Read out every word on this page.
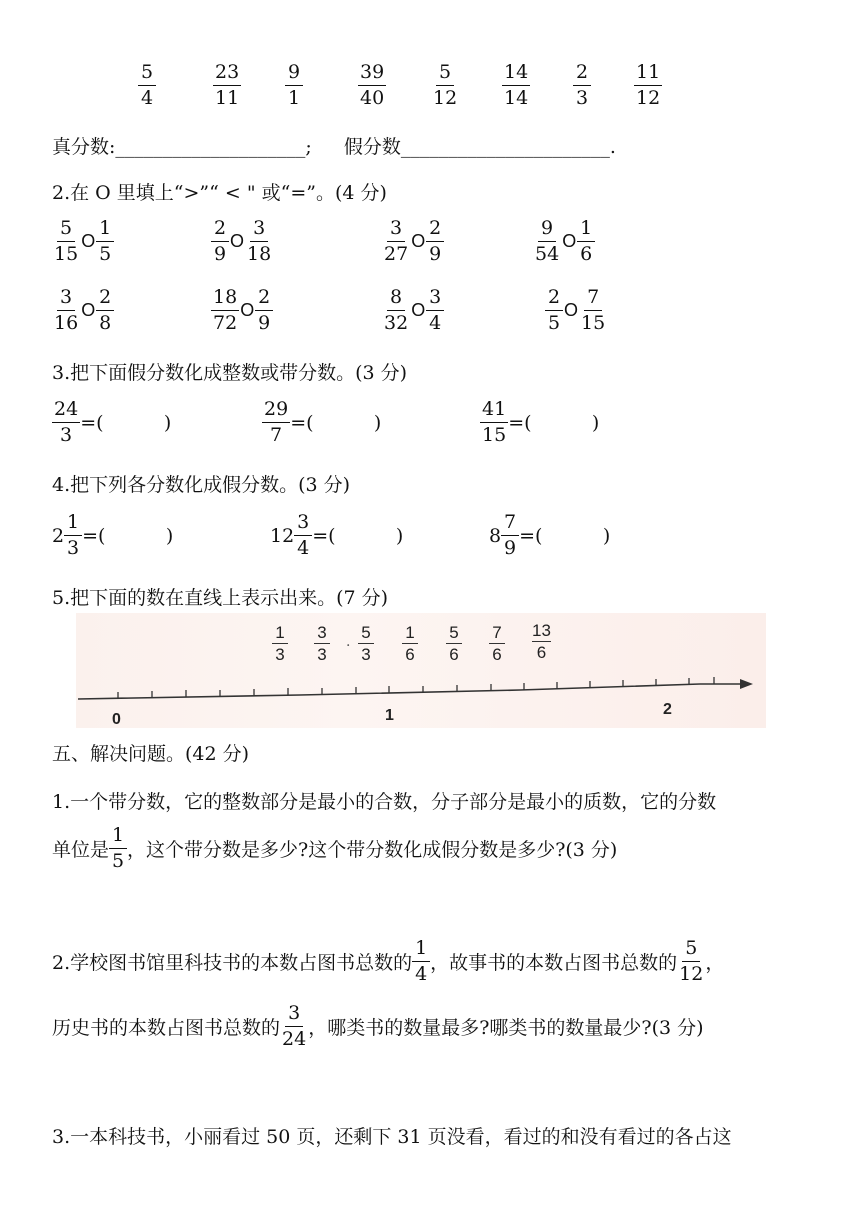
$\frac{5}{4}$	$\frac{23}{11} \frac{9}{1}$	$\frac{39}{40} \frac{5}{12} \frac{14}{14} \frac{2}{3} \frac{11}{12}$
真分数:____________________; 假分数______________________.
2.在 O 里填上“>”“ < " 或“=”。(4 分)
$\frac{5}{15}$ O $\frac{1}{5}$	$\frac{2}{9}$ O $\frac{3}{18}$	$\frac{3}{27}$ O $\frac{2}{9}$	$\frac{9}{54}$ O $\frac{1}{6}$
$\frac{3}{16}$ O $\frac{2}{8}$	$\frac{18}{72}$ O $\frac{2}{9}$	$\frac{8}{32}$ O $\frac{3}{4}$	$\frac{2}{5}$ O $\frac{7}{15}$
3.把下面假分数化成整数或带分数。(3 分)
$\frac{24}{3}$ =(          )	$\frac{29}{7}$ =(          )	$\frac{41}{15}$ =(          )
4.把下列各分数化成假分数。(3 分)
$2 \frac{1}{3}$ =(          )	$12 \frac{3}{4}$ =(          )	$8 \frac{7}{9}$ =(          )
5.把下面的数在直线上表示出来。(7 分)
$\frac{1}{3} \frac{3}{3} \cdot \frac{5}{3} \frac{1}{6} \frac{5}{6} \frac{7}{6} \frac{13}{6}$
0	1	2
五、解决问题。(42 分)
1.一个带分数，它的整数部分是最小的合数，分子部分是最小的质数，它的分数
单位是 $\frac{1}{5}$ ，这个带分数是多少?这个带分数化成假分数是多少?(3 分)
2.学校图书馆里科技书的本数占图书总数的 $\frac{1}{4}$ ，故事书的本数占图书总数的 $\frac{5}{12}$ ，
历史书的本数占图书总数的 $\frac{3}{24}$ ，哪类书的数量最多?哪类书的数量最少?(3 分)
3.一本科技书，小丽看过 50 页，还剩下 31 页没看，看过的和没有看过的各占这
